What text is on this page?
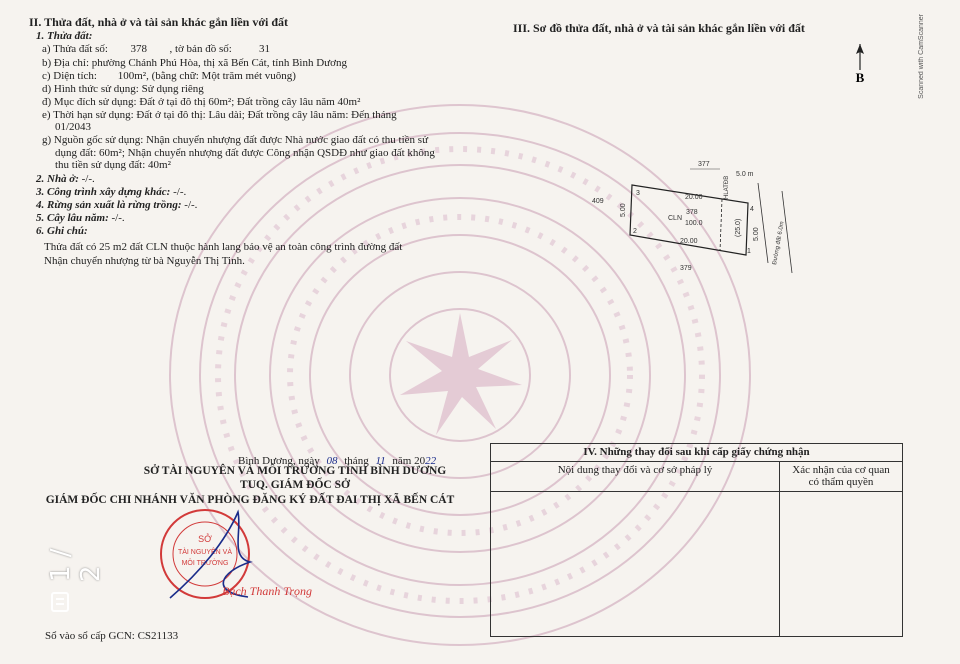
II. Thửa đất, nhà ở và tài sản khác gắn liền với đất
1. Thửa đất:
a) Thửa đất số: 378 , tờ bản đồ số: 31
b) Địa chỉ: phường Chánh Phú Hòa, thị xã Bến Cát, tỉnh Bình Dương
c) Diện tích: 100m², (bằng chữ: Một trăm mét vuông)
d) Hình thức sử dụng: Sử dụng riêng
đ) Mục đích sử dụng: Đất ở tại đô thị 60m²; Đất trồng cây lâu năm 40m²
e) Thời hạn sử dụng: Đất ở tại đô thị: Lâu dài; Đất trồng cây lâu năm: Đến tháng
01/2043
g) Nguồn gốc sử dụng: Nhận chuyển nhượng đất được Nhà nước giao đất có thu tiền sử
dụng đất: 60m²; Nhận chuyển nhượng đất được Công nhận QSDĐ như giao đất không
thu tiền sử dụng đất: 40m²
2. Nhà ở: -/-.
3. Công trình xây dựng khác: -/-.
4. Rừng sản xuất là rừng trồng: -/-.
5. Cây lâu năm: -/-.
6. Ghi chú:
Thửa đất có 25 m2 đất CLN thuộc hành lang bảo vệ an toàn công trình đường đất
Nhận chuyển nhượng từ bà Nguyễn Thị Tinh.
III. Sơ đồ thửa đất, nhà ở và tài sản khác gắn liền với đất
B
377
409
379
3
2
4
1
20.00
20.00
5.00
5.00
378
CLN
100.0	(25.0)
HLATĐB
5.0 m
Đường đất 6.0m
Bình Dương, ngày 08 tháng 11 năm 2022
SỞ TÀI NGUYÊN VÀ MÔI TRƯỜNG TỈNH BÌNH DƯƠNG
TUQ. GIÁM ĐỐC SỞ
GIÁM ĐỐC CHI NHÁNH VĂN PHÒNG ĐĂNG KÝ ĐẤT ĐAI THỊ XÃ BẾN CÁT
SỞ
TÀI NGUYÊN VÀ
MÔI TRƯỜNG
Bạch Thanh Trọng
Sổ vào sổ cấp GCN: CS21133
IV. Những thay đổi sau khi cấp giấy chứng nhận	
Nội dung thay đổi và cơ sở pháp lý	Xác nhận của cơ quan
có thẩm quyền

1 / 2
Scanned with CamScanner
